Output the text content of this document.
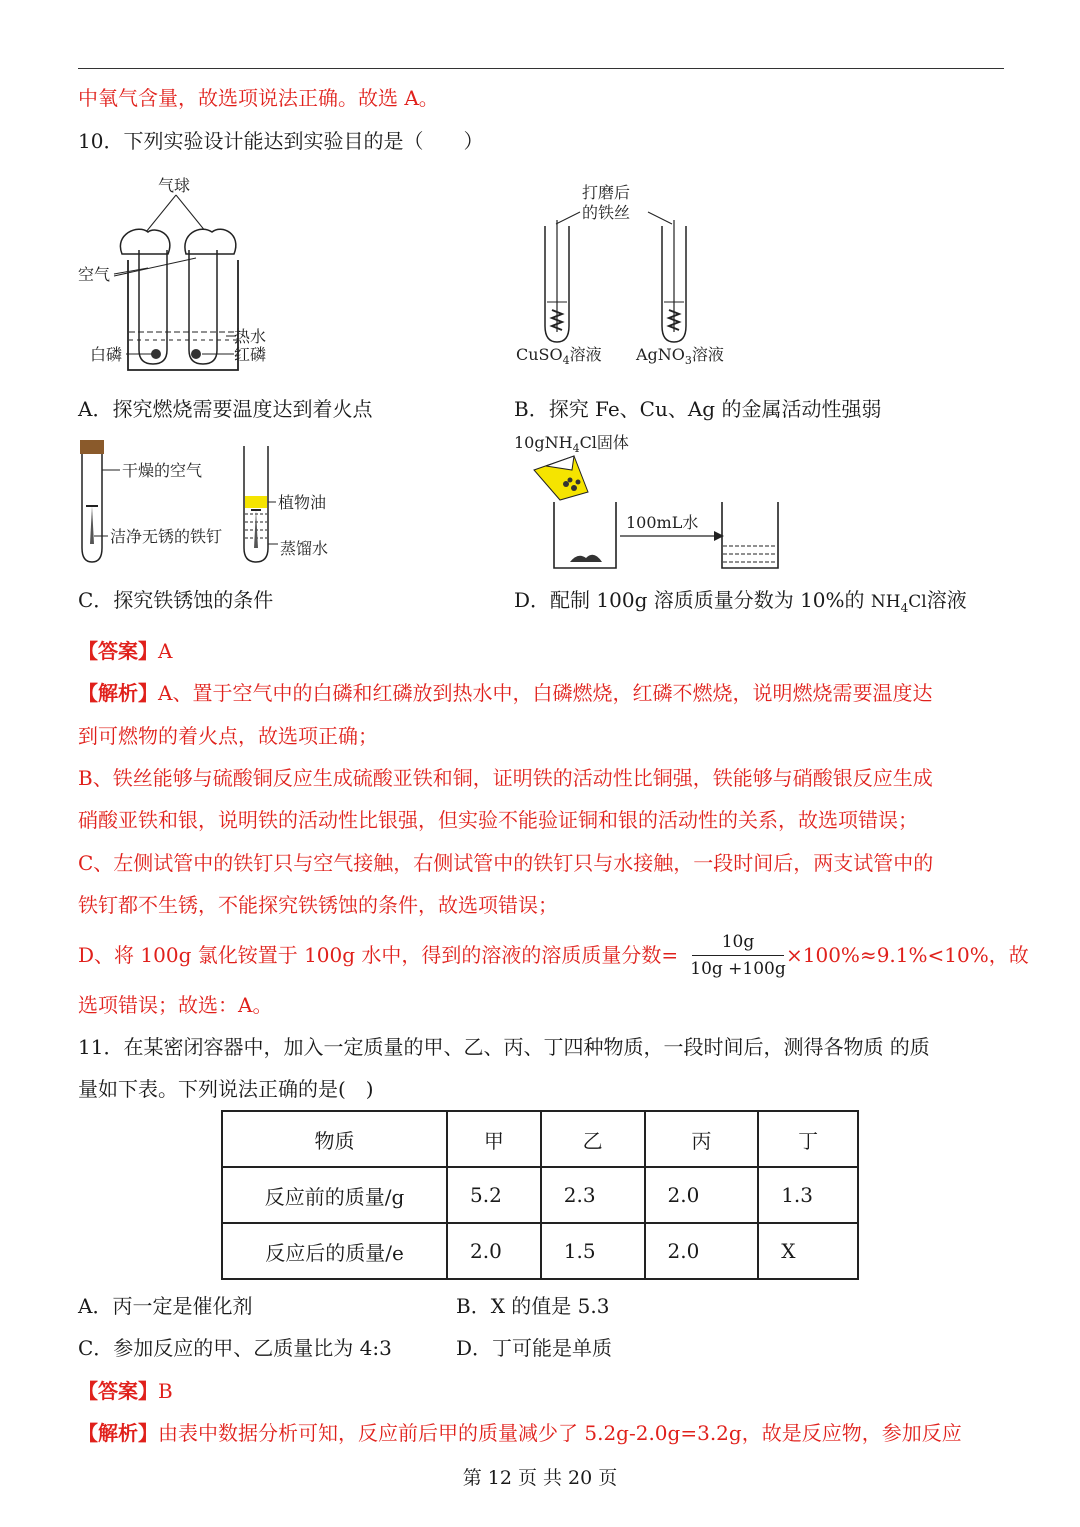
中氧气含量，故选项说法正确。故选 A。
10．下列实验设计能达到实验目的是（　　）
气球
空气
热水
白磷	红磷
打磨后
的铁丝
CuSO$_4$溶液 AgNO$_3$溶液
A．探究燃烧需要温度达到着火点	B．探究 Fe、Cu、Ag 的金属活动性强弱
干燥的空气
洁净无锈的铁钉
植物油
蒸馏水
10gNH$_4$Cl固体
100mL水
C．探究铁锈蚀的条件	D．配制 100g 溶质质量分数为 10%的 $NH_4Cl$溶液
【答案】A
【解析】A、置于空气中的白磷和红磷放到热水中，白磷燃烧，红磷不燃烧，说明燃烧需要温度达
到可燃物的着火点，故选项正确；
B、铁丝能够与硫酸铜反应生成硫酸亚铁和铜，证明铁的活动性比铜强，铁能够与硝酸银反应生成
硝酸亚铁和银，说明铁的活动性比银强，但实验不能验证铜和银的活动性的关系，故选项错误；
C、左侧试管中的铁钉只与空气接触，右侧试管中的铁钉只与水接触，一段时间后，两支试管中的
铁钉都不生锈，不能探究铁锈蚀的条件，故选项错误；
D、将 100g 氯化铵置于 100g 水中，得到的溶液的溶质质量分数=
10g
10g +100g
×100%≈9.1%<10%，故
选项错误；故选：A。
11．在某密闭容器中，加入一定质量的甲、乙、丙、丁四种物质，一段时间后，测得各物质 的质
量如下表。下列说法正确的是(　)
物质	甲	乙	丙	丁
反应前的质量/g	5.2	2.3	2.0	1.3
反应后的质量/e	2.0	1.5	2.0	X
A．丙一定是催化剂	B．X 的值是 5.3
C．参加反应的甲、乙质量比为 4:3	D．丁可能是单质
【答案】B
【解析】由表中数据分析可知，反应前后甲的质量减少了 5.2g-2.0g=3.2g，故是反应物，参加反应
第 12 页 共 20 页
